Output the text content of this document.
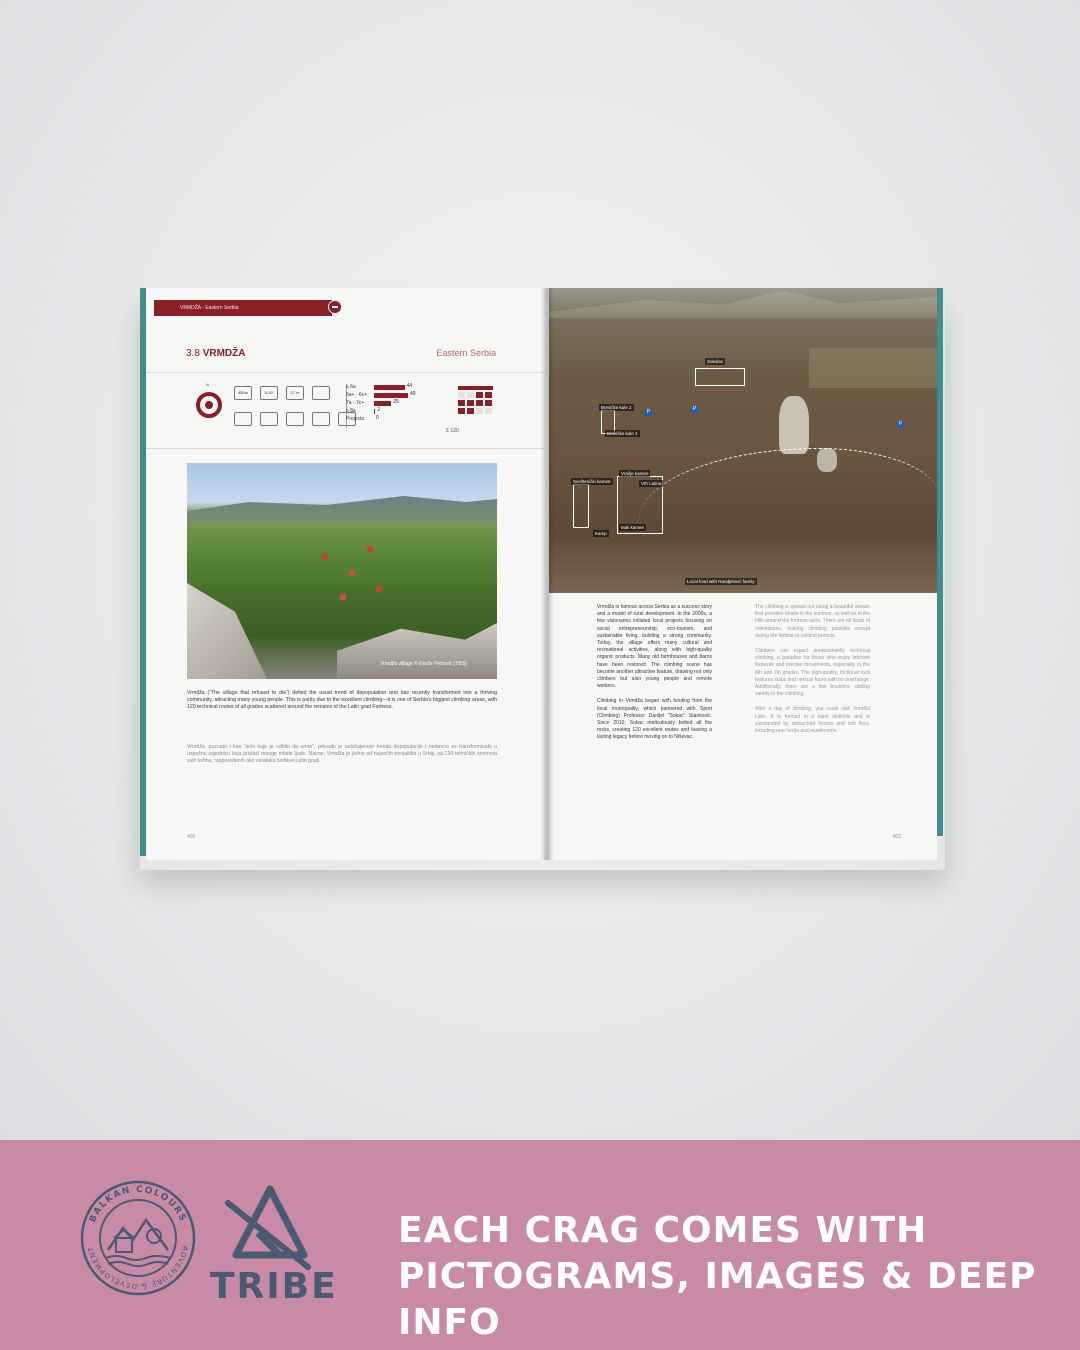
VRMDŽA - Eastern Serbia
3.8 VRMDŽA	Eastern Serbia
N
450m	5-15'	27 m
≤ 6a	44
6a+ - 6c+	49
7a - 7c+	25
≥ 8a	2
Projects 0
Σ 120
Vrmdža village © Đorđe Petrović (TBS)
Vrmdža (“The village that refused to die”) defied the usual trend of depopulation and has recently transformed into a thriving community, attracting many young people. This is partly due to the excellent climbing—it is one of Serbia’s biggest climbing areas, with 120 technical routes of all grades scattered around the remains of the Latin grad Fortress.
Vrmdža, poznato i kao “selo koje je odbilo da umre”, prkosilo je uobičajenom trendu depopulacije i nedavno se transformisalo u uspešnu zajednicu koja privlači mnoge mlade ljude. Naime, Vrmdža je jedno od najvećih penjališta u Srbiji, sa 120 tehničkih smerova svih težina, raspoređenih oko ostataka tvrđave Latin grad.
402
Sokolac
Brevičke kule 2
Brevičke kule 1
Vražje kamen
Sveštenički kamen	Vrh Latina
Mali kamen
Kamp
Local food with Randjelović family
P	P
P

Vrmdža is famous across Serbia as a success story and a model of rural development. In the 2000s, a few visionaries initiated local projects focusing on social entrepreneurship, eco-tourism, and sustainable living, building a strong community. Today, the village offers many cultural and recreational activities, along with high-quality organic products. Many old farmhouses and barns have been restored. The climbing scene has become another attractive feature, drawing not only climbers but also young people and remote workers.

Climbing in Vrmdža began with funding from the local municipality, which partnered with Sport (Climbing) Professor Danijel “Sokac” Stanković. Since 2010, Sokac meticulously bolted all the rocks, creating 120 excellent routes and leaving a lasting legacy before moving on to Niševac.

The climbing is spread out along a beautiful stream that provides shade in the summer, as well as in the hills around the fortress ruins. There are all kinds of orientations, making climbing possible except during the hottest or coldest periods.

Climbers can expect predominantly technical climbing, a paradise for those who enjoy intricate footwork and precise movements, especially in the 6th and 7th grades. The high-quality, frictional rock features slabs and vertical faces with no overhangs. Additionally, there are a few boulders, adding variety to the climbing.

After a day of climbing, you could visit Vrmdža Lake. It is formed in a karst sinkhole and is surrounded by untouched forests and rich flora, including rare herbs and mushrooms.

403
BALKAN COLOURS
ADVENTURE & DEVELOPMENT
TRIBE
EACH CRAG COMES WITH
PICTOGRAMS, IMAGES & DEEP INFO
